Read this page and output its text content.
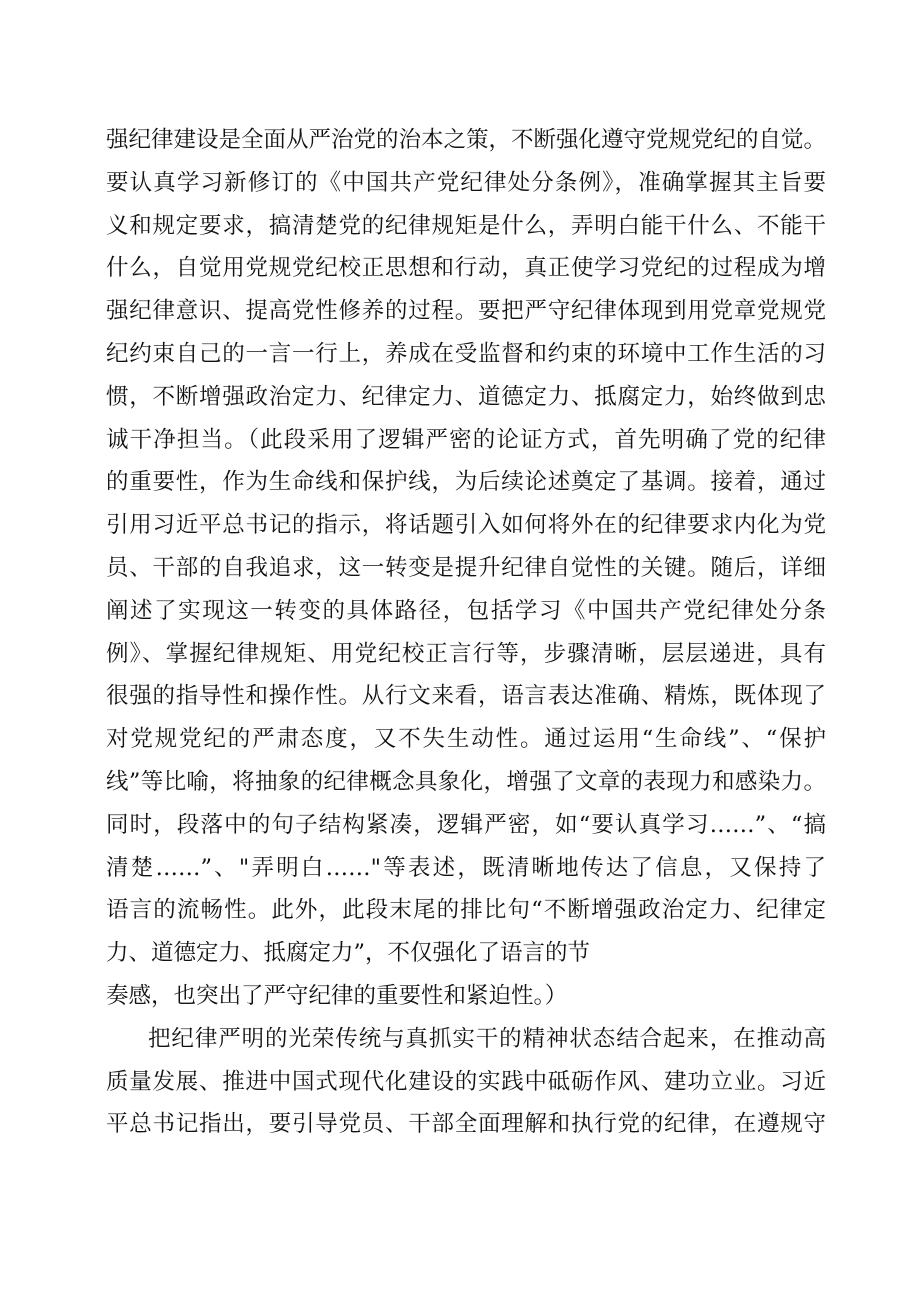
强纪律建设是全面从严治党的治本之策，不断强化遵守党规党纪的自觉。
要认真学习新修订的《中国共产党纪律处分条例》，准确掌握其主旨要
义和规定要求，搞清楚党的纪律规矩是什么，弄明白能干什么、不能干
什么，自觉用党规党纪校正思想和行动，真正使学习党纪的过程成为增
强纪律意识、提高党性修养的过程。要把严守纪律体现到用党章党规党
纪约束自己的一言一行上，养成在受监督和约束的环境中工作生活的习
惯，不断增强政治定力、纪律定力、道德定力、抵腐定力，始终做到忠
诚干净担当。（此段采用了逻辑严密的论证方式，首先明确了党的纪律
的重要性，作为生命线和保护线，为后续论述奠定了基调。接着，通过
引用习近平总书记的指示，将话题引入如何将外在的纪律要求内化为党
员、干部的自我追求，这一转变是提升纪律自觉性的关键。随后，详细
阐述了实现这一转变的具体路径，包括学习《中国共产党纪律处分条
例》、掌握纪律规矩、用党纪校正言行等，步骤清晰，层层递进，具有
很强的指导性和操作性。从行文来看，语言表达准确、精炼，既体现了
对党规党纪的严肃态度，又不失生动性。通过运用“生命线”、“保护
线”等比喻，将抽象的纪律概念具象化，增强了文章的表现力和感染力。
同时，段落中的句子结构紧凑，逻辑严密，如“要认真学习……”、“搞
清楚……”、"弄明白……"等表述，既清晰地传达了信息，又保持了
语言的流畅性。此外，此段末尾的排比句“不断增强政治定力、纪律定
力、道德定力、抵腐定力”，不仅强化了语言的节
奏感，也突出了严守纪律的重要性和紧迫性。）
把纪律严明的光荣传统与真抓实干的精神状态结合起来，在推动高
质量发展、推进中国式现代化建设的实践中砥砺作风、建功立业。习近
平总书记指出，要引导党员、干部全面理解和执行党的纪律，在遵规守
